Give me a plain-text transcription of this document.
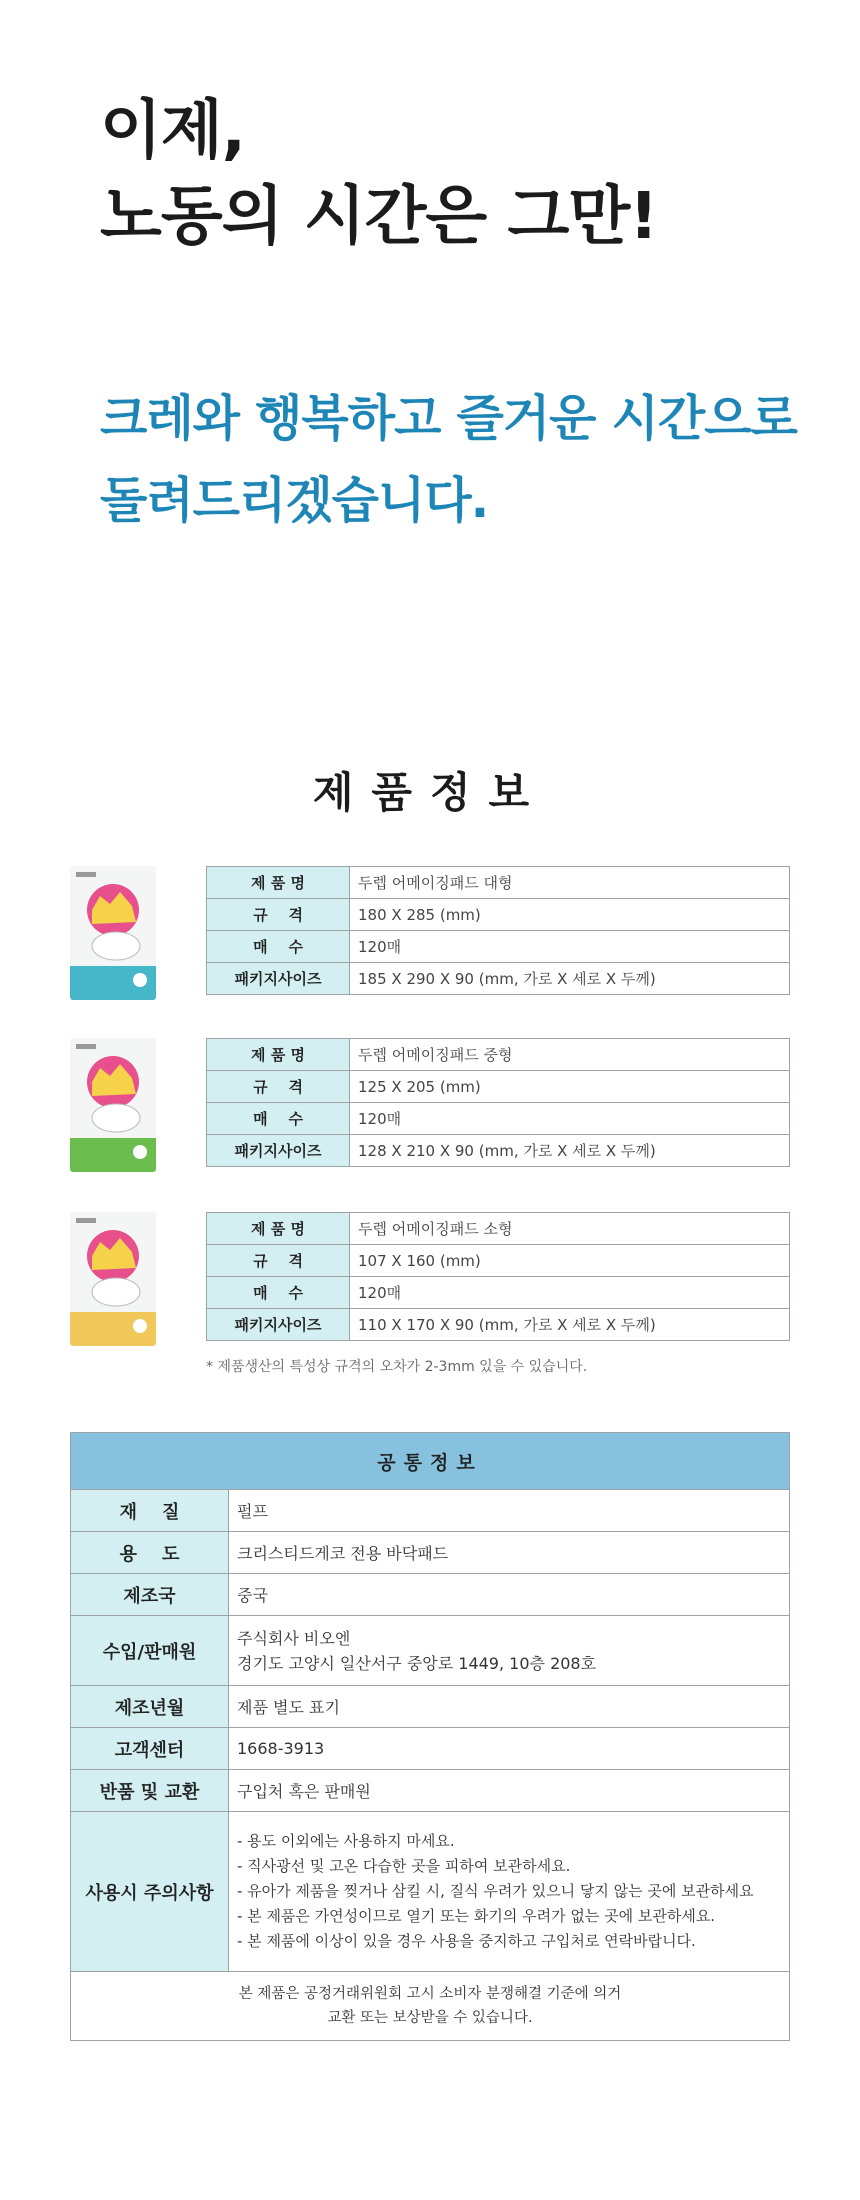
이제,
노동의 시간은 그만!
크레와 행복하고 즐거운 시간으로
돌려드리겠습니다.
제품정보
제 품 명	두렙 어메이징패드 대형
규    격	180 X 285 (mm)
매    수	120매
패키지사이즈	185 X 290 X 90 (mm, 가로 X 세로 X 두께)
제 품 명	두렙 어메이징패드 중형
규    격	125 X 205 (mm)
매    수	120매
패키지사이즈	128 X 210 X 90 (mm, 가로 X 세로 X 두께)
제 품 명	두렙 어메이징패드 소형
규    격	107 X 160 (mm)
매    수	120매
패키지사이즈	110 X 170 X 90 (mm, 가로 X 세로 X 두께)

* 제품생산의 특성상 규격의 오차가 2-3mm 있을 수 있습니다.

공통정보	
재    질	펄프
용    도	크리스티드게코 전용 바닥패드
제조국	중국
수입/판매원	주식회사 비오엔
경기도 고양시 일산서구 중앙로 1449, 10층 208호

제조년월	제품 별도 표기
고객센터	1668-3913
반품 및 교환	구입처 혹은 판매원
사용시 주의사항	- 용도 이외에는 사용하지 마세요.
- 직사광선 및 고온 다습한 곳을 피하여 보관하세요.
- 유아가 제품을 찢거나 삼킬 시, 질식 우려가 있으니 닿지 않는 곳에 보관하세요
- 본 제품은 가연성이므로 열기 또는 화기의 우려가 없는 곳에 보관하세요.
- 본 제품에 이상이 있을 경우 사용을 중지하고 구입처로 연락바랍니다.

본 제품은 공정거래위원회 고시 소비자 분쟁해결 기준에 의거
교환 또는 보상받을 수 있습니다.	
